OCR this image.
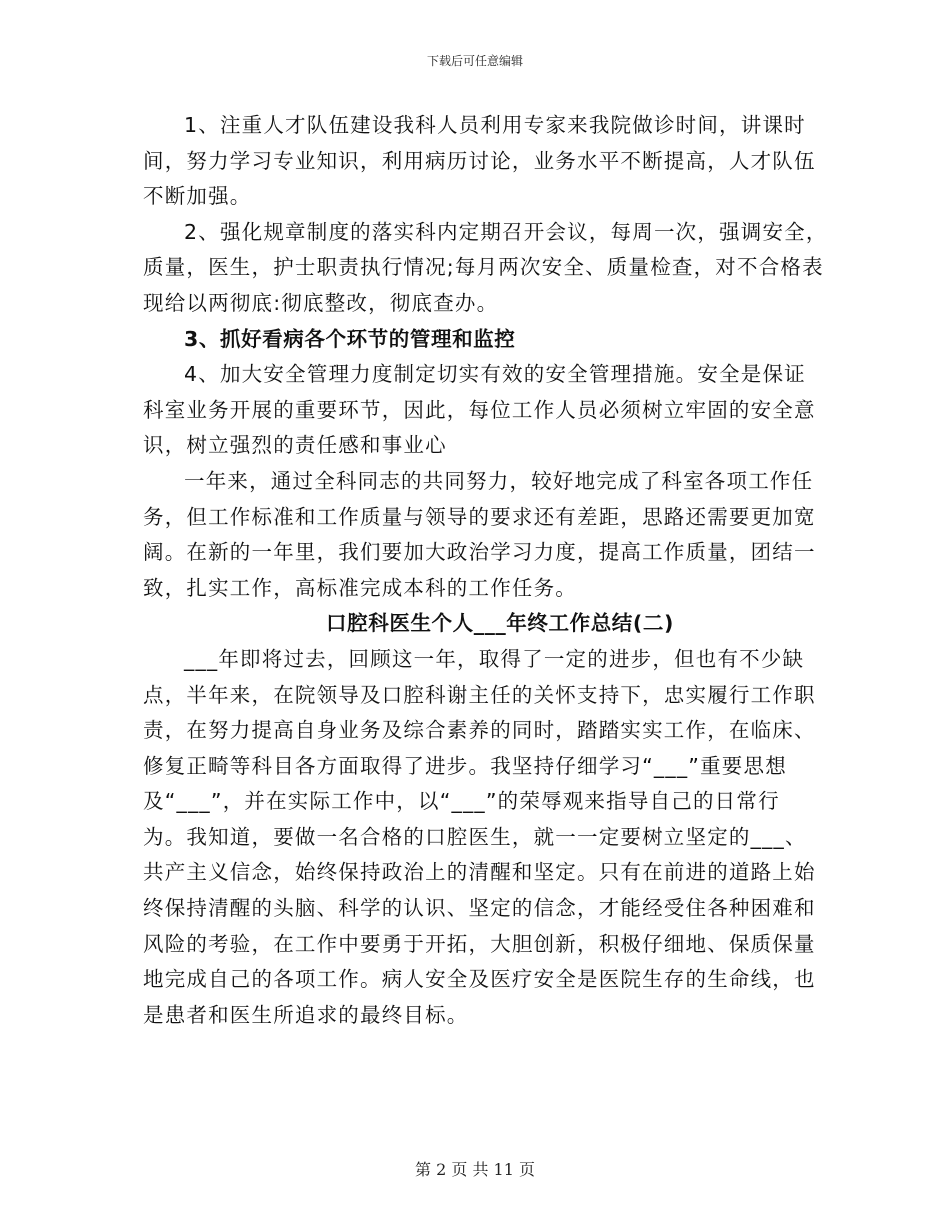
下载后可任意编辑

1、注重人才队伍建设我科人员利用专家来我院做诊时间，讲课时间，努力学习专业知识，利用病历讨论，业务水平不断提高，人才队伍不断加强。

2、强化规章制度的落实科内定期召开会议，每周一次，强调安全，质量，医生，护士职责执行情况;每月两次安全、质量检查，对不合格表现给以两彻底:彻底整改，彻底查办。

3、抓好看病各个环节的管理和监控

4、加大安全管理力度制定切实有效的安全管理措施。安全是保证科室业务开展的重要环节，因此，每位工作人员必须树立牢固的安全意识，树立强烈的责任感和事业心

一年来，通过全科同志的共同努力，较好地完成了科室各项工作任务，但工作标准和工作质量与领导的要求还有差距，思路还需要更加宽阔。在新的一年里，我们要加大政治学习力度，提高工作质量，团结一致，扎实工作，高标准完成本科的工作任务。

口腔科医生个人___年终工作总结(二)

___年即将过去，回顾这一年，取得了一定的进步，但也有不少缺点，半年来，在院领导及口腔科谢主任的关怀支持下，忠实履行工作职责，在努力提高自身业务及综合素养的同时，踏踏实实工作，在临床、修复正畸等科目各方面取得了进步。我坚持仔细学习“___”重要思想及“___”，并在实际工作中，以“___”的荣辱观来指导自己的日常行为。我知道，要做一名合格的口腔医生，就一一定要树立坚定的___、共产主义信念，始终保持政治上的清醒和坚定。只有在前进的道路上始终保持清醒的头脑、科学的认识、坚定的信念，才能经受住各种困难和风险的考验，在工作中要勇于开拓，大胆创新，积极仔细地、保质保量地完成自己的各项工作。病人安全及医疗安全是医院生存的生命线，也是患者和医生所追求的最终目标。

第 2 页 共 11 页
